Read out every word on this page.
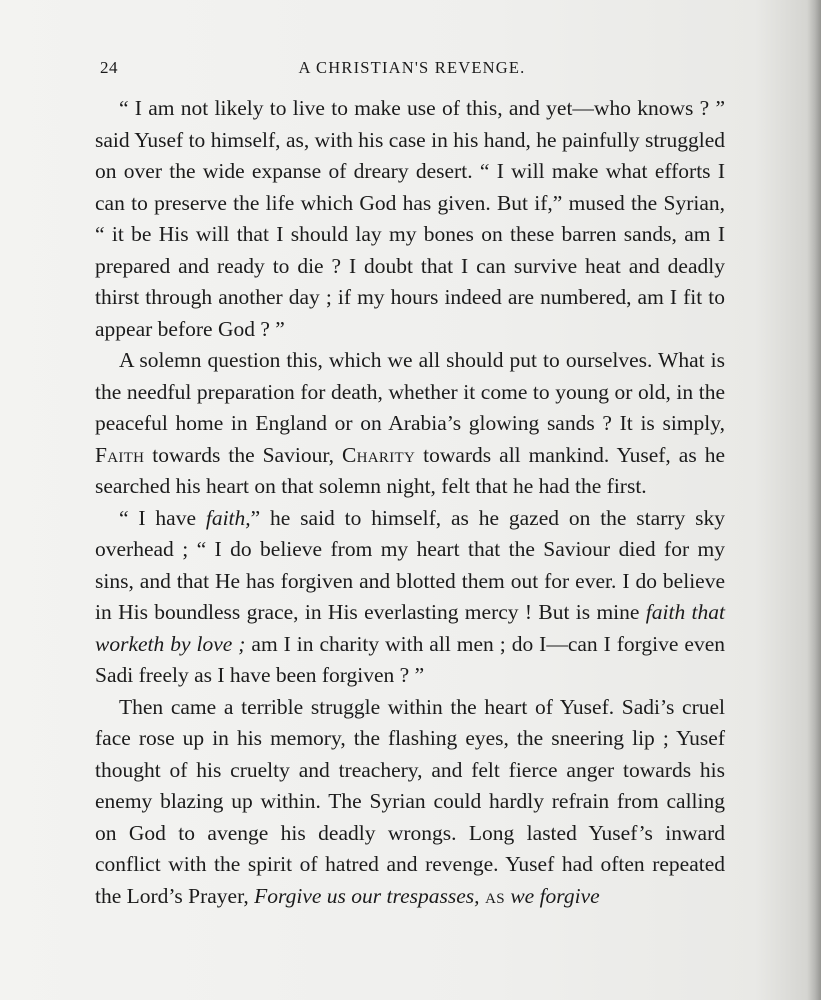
24	A CHRISTIAN'S REVENGE.

“ I am not likely to live to make use of this, and yet—who knows ? ” said Yusef to himself, as, with his case in his hand, he painfully struggled on over the wide expanse of dreary desert. “ I will make what efforts I can to preserve the life which God has given. But if,” mused the Syrian, “ it be His will that I should lay my bones on these barren sands, am I prepared and ready to die ? I doubt that I can survive heat and deadly thirst through another day ; if my hours indeed are numbered, am I fit to appear before God ? ”

A solemn question this, which we all should put to ourselves. What is the needful preparation for death, whether it come to young or old, in the peaceful home in England or on Arabia’s glowing sands ? It is simply, Faith towards the Saviour, Charity towards all mankind. Yusef, as he searched his heart on that solemn night, felt that he had the first.

“ I have faith,” he said to himself, as he gazed on the starry sky overhead ; “ I do believe from my heart that the Saviour died for my sins, and that He has forgiven and blotted them out for ever. I do believe in His boundless grace, in His everlasting mercy ! But is mine faith that worketh by love ; am I in charity with all men ; do I—can I forgive even Sadi freely as I have been forgiven ? ”

Then came a terrible struggle within the heart of Yusef. Sadi’s cruel face rose up in his memory, the flashing eyes, the sneering lip ; Yusef thought of his cruelty and treachery, and felt fierce anger towards his enemy blazing up within. The Syrian could hardly refrain from calling on God to avenge his deadly wrongs. Long lasted Yusef’s inward conflict with the spirit of hatred and revenge. Yusef had often repeated the Lord’s Prayer, Forgive us our trespasses, as we forgive
